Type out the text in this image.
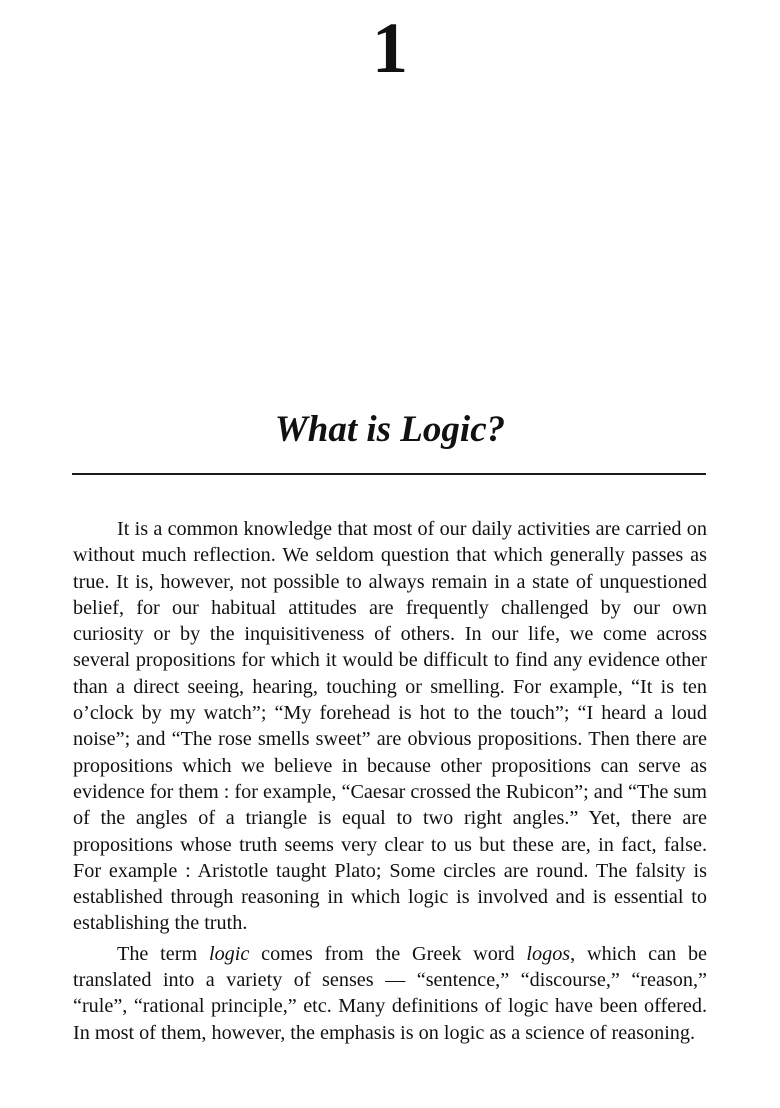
1
What is Logic?

It is a common knowledge that most of our daily activities are carried on without much reflection. We seldom question that which generally passes as true. It is, however, not possible to always remain in a state of unquestioned belief, for our habitual attitudes are frequently challenged by our own curiosity or by the inquisitiveness of others. In our life, we come across several propositions for which it would be difficult to find any evidence other than a direct seeing, hearing, touching or smelling. For example, “It is ten o’clock by my watch”; “My forehead is hot to the touch”; “I heard a loud noise”; and “The rose smells sweet” are obvious propositions. Then there are propositions which we believe in because other propositions can serve as evidence for them : for example, “Caesar crossed the Rubicon”; and “The sum of the angles of a triangle is equal to two right angles.” Yet, there are propositions whose truth seems very clear to us but these are, in fact, false. For example : Aristotle taught Plato; Some circles are round. The falsity is established through reasoning in which logic is involved and is essential to establishing the truth.

The term logic comes from the Greek word logos, which can be translated into a variety of senses — “sentence,” “discourse,” “reason,” “rule”, “rational principle,” etc. Many definitions of logic have been offered. In most of them, however, the emphasis is on logic as a science of reasoning.
